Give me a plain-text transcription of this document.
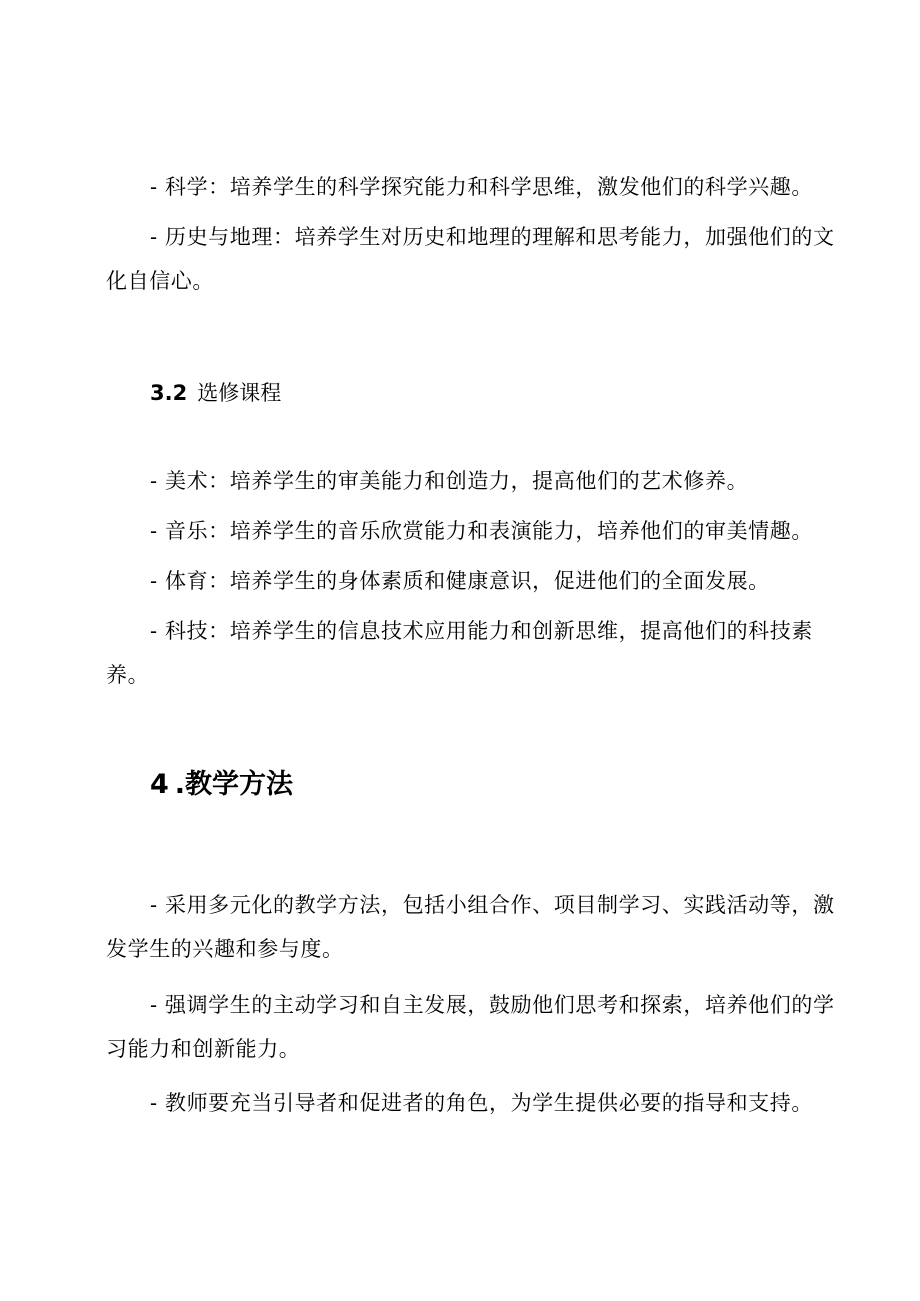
- 科学：培养学生的科学探究能力和科学思维，激发他们的科学兴趣。

- 历史与地理：培养学生对历史和地理的理解和思考能力，加强他们的文化自信心。

3.2 选修课程

- 美术：培养学生的审美能力和创造力，提高他们的艺术修养。

- 音乐：培养学生的音乐欣赏能力和表演能力，培养他们的审美情趣。

- 体育：培养学生的身体素质和健康意识，促进他们的全面发展。

- 科技：培养学生的信息技术应用能力和创新思维，提高他们的科技素养。

4 .教学方法

- 采用多元化的教学方法，包括小组合作、项目制学习、实践活动等，激发学生的兴趣和参与度。

- 强调学生的主动学习和自主发展，鼓励他们思考和探索，培养他们的学习能力和创新能力。

- 教师要充当引导者和促进者的角色，为学生提供必要的指导和支持。
